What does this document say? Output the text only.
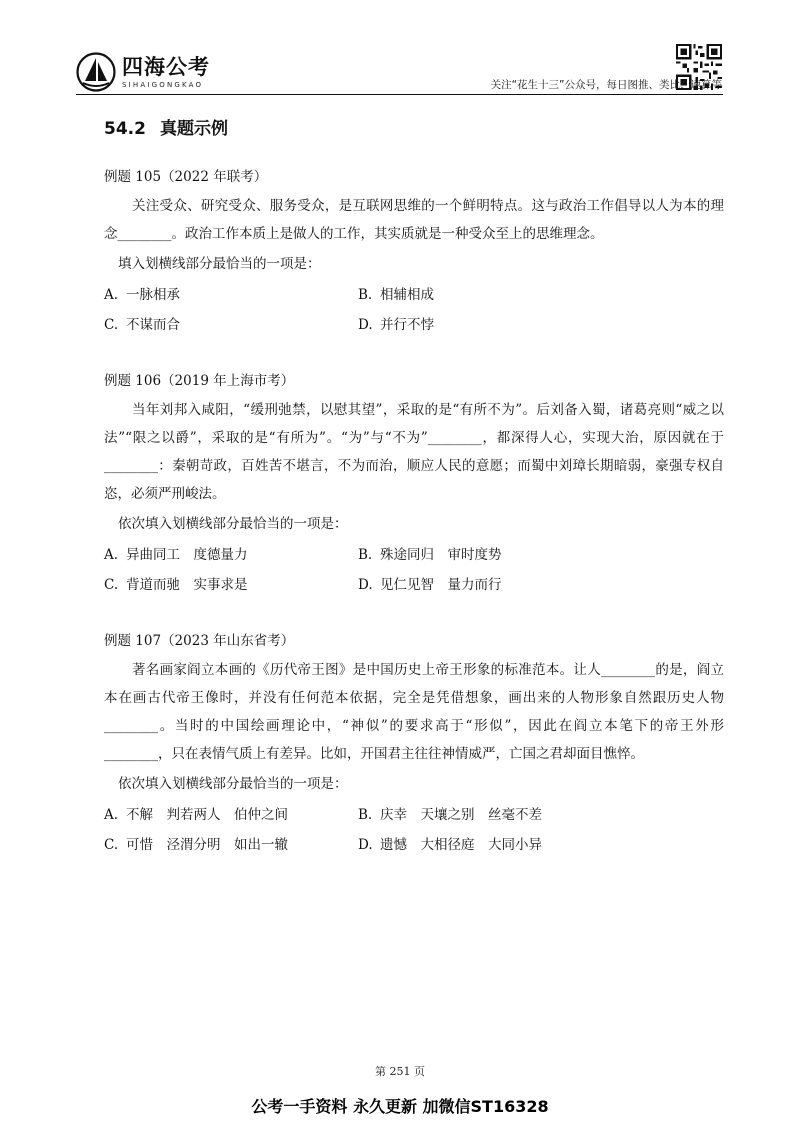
四海公考
SIHAIGONGKAO	关注“花生十三”公众号，每日图推、类比、速算等
54.2 真题示例

例题 105（2022 年联考）

关注受众、研究受众、服务受众，是互联网思维的一个鲜明特点。这与政治工作倡导以人为本的理念________。政治工作本质上是做人的工作，其实质就是一种受众至上的思维理念。

填入划横线部分最恰当的一项是：

A. 一脉相承	B. 相辅相成
C. 不谋而合	D. 并行不悖

例题 106（2019 年上海市考）

当年刘邦入咸阳，“缓刑弛禁，以慰其望”，采取的是“有所不为”。后刘备入蜀，诸葛亮则“威之以法”“限之以爵”，采取的是“有所为”。“为”与“不为”________，都深得人心，实现大治，原因就在于________：秦朝苛政，百姓苦不堪言，不为而治，顺应人民的意愿；而蜀中刘璋长期暗弱，豪强专权自恣，必须严刑峻法。

依次填入划横线部分最恰当的一项是：

A. 异曲同工　度德量力	B. 殊途同归　审时度势
C. 背道而驰　实事求是	D. 见仁见智　量力而行

例题 107（2023 年山东省考）

著名画家阎立本画的《历代帝王图》是中国历史上帝王形象的标准范本。让人________的是，阎立本在画古代帝王像时，并没有任何范本依据，完全是凭借想象，画出来的人物形象自然跟历史人物________。当时的中国绘画理论中，“神似”的要求高于“形似”，因此在阎立本笔下的帝王外形________，只在表情气质上有差异。比如，开国君主往往神情威严，亡国之君却面目憔悴。

依次填入划横线部分最恰当的一项是：

A. 不解　判若两人　伯仲之间	B. 庆幸　天壤之别　丝毫不差
C. 可惜　泾渭分明　如出一辙	D. 遗憾　大相径庭　大同小异
第 251 页
公考一手资料 永久更新 加微信ST16328
